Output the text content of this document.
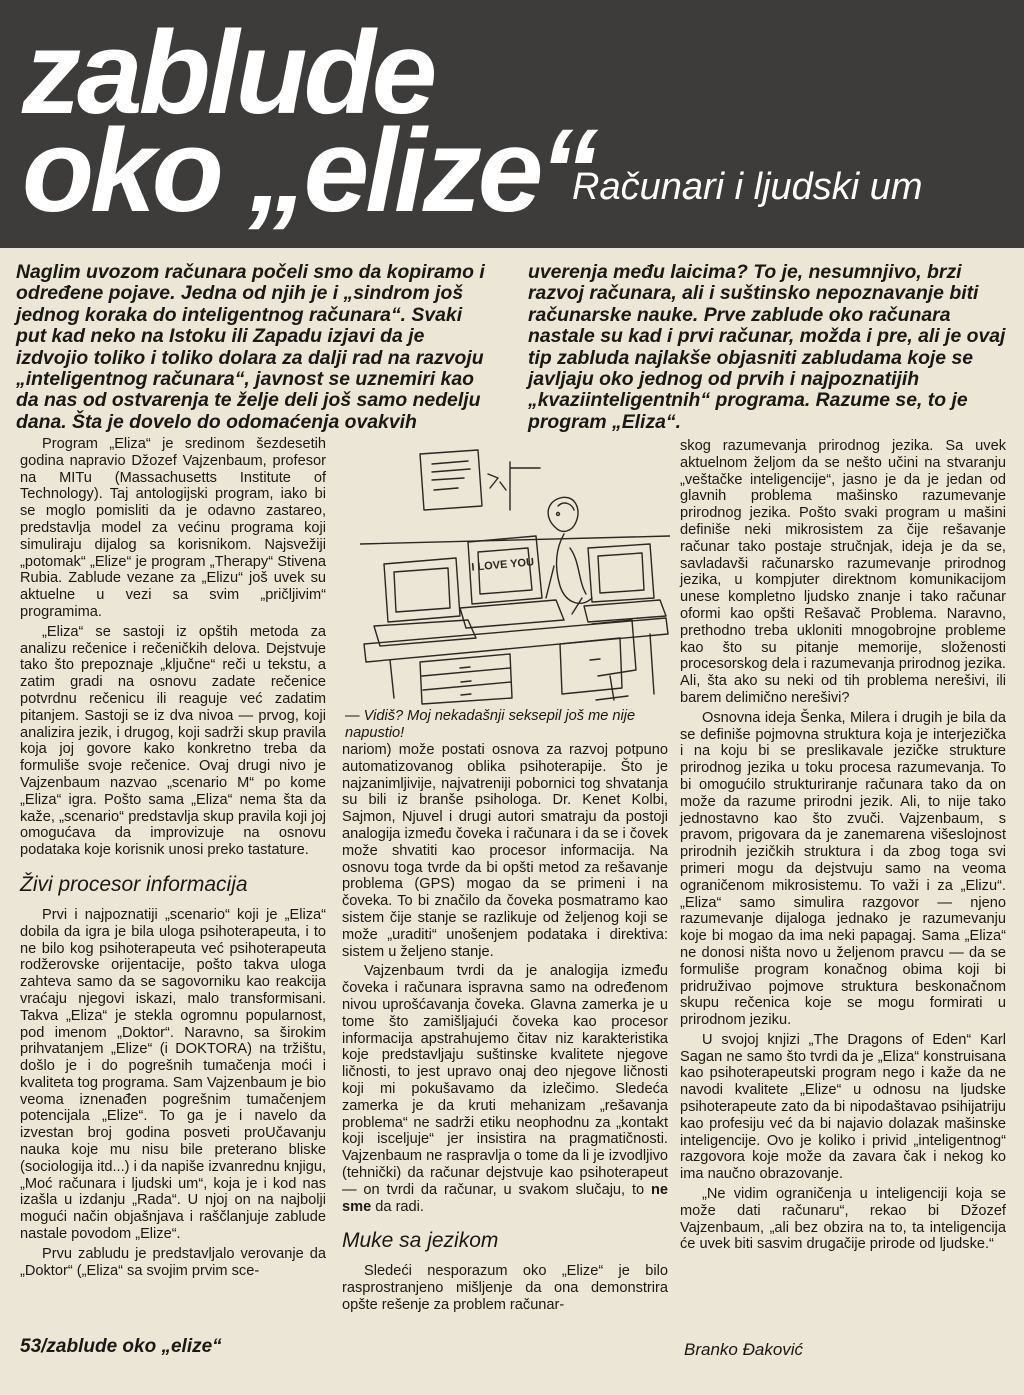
zablude
oko „elize“

Računari i ljudski um

Naglim uvozom računara počeli smo da kopiramo i određene pojave. Jedna od njih je i „sindrom još jednog koraka do inteligentnog računara“. Svaki put kad neko na Istoku ili Zapadu izjavi da je izdvojio toliko i toliko dolara za dalji rad na razvoju „inteligentnog računara“, javnost se uznemiri kao da nas od ostvarenja te želje deli još samo nedelju dana. Šta je dovelo do odomaćenja ovakvih

uverenja među laicima? To je, nesumnjivo, brzi razvoj računara, ali i suštinsko nepoznavanje biti računarske nauke. Prve zablude oko računara nastale su kad i prvi računar, možda i pre, ali je ovaj tip zabluda najlakše objasniti zabludama koje se javljaju oko jednog od prvih i najpoznatijih „kvaziinteligentnih“ programa. Razume se, to je program „Eliza“.

Program „Eliza“ je sredinom šezdesetih godina napravio Džozef Vajzenbaum, profesor na MITu (Massachusetts Institute of Technology). Taj antologijski program, iako bi se moglo pomisliti da je odavno zastareo, predstavlja model za većinu programa koji simuliraju dijalog sa korisnikom. Najsvežiji „potomak“ „Elize“ je program „Therapy“ Stivena Rubia. Zablude vezane za „Elizu“ još uvek su aktuelne u vezi sa svim „pričljivim“ programima.

„Eliza“ se sastoji iz opštih metoda za analizu rečenice i rečeničkih delova. Dejstvuje tako što prepoznaje „ključne“ reči u tekstu, a zatim gradi na osnovu zadate rečenice potvrdnu rečenicu ili reaguje već zadatim pitanjem. Sastoji se iz dva nivoa — prvog, koji analizira jezik, i drugog, koji sadrži skup pravila koja joj govore kako konkretno treba da formuliše svoje rečenice. Ovaj drugi nivo je Vajzenbaum nazvao „scenario M“ po kome „Eliza“ igra. Pošto sama „Eliza“ nema šta da kaže, „scenario“ predstavlja skup pravila koji joj omogućava da improvizuje na osnovu podataka koje korisnik unosi preko tastature.

Živi procesor informacija

Prvi i najpoznatiji „scenario“ koji je „Eliza“ dobila da igra je bila uloga psihoterapeuta, i to ne bilo kog psihoterapeuta već psihoterapeuta rodžerovske orijentacije, pošto takva uloga zahteva samo da se sagovorniku kao reakcija vraćaju njegovi iskazi, malo transformisani. Takva „Eliza“ je stekla ogromnu popularnost, pod imenom „Doktor“. Naravno, sa širokim prihvatanjem „Elize“ (i DOKTORA) na tržištu, došlo je i do pogrešnih tumačenja moći i kvaliteta tog programa. Sam Vajzenbaum je bio veoma iznenađen pogrešnim tumačenjem potencijala „Elize“. To ga je i navelo da izvestan broj godina posveti proUčavanju nauka koje mu nisu bile preterano bliske (sociologija itd...) i da napiše izvanrednu knjigu, „Moć računara i ljudski um“, koja je i kod nas izašla u izdanju „Rada“. U njoj on na najbolji mogući način objašnjava i raščlanjuje zablude nastale povodom „Elize“.

Prvu zabludu je predstavljalo verovanje da „Doktor“ („Eliza“ sa svojim prvim sce-

I LOVE YOU

— Vidiš? Moj nekadašnji seksepil još me nije napustio!

nariom) može postati osnova za razvoj potpuno automatizovanog oblika psihoterapije. Što je najzanimljivije, najvatreniji pobornici tog shvatanja su bili iz branše psihologa. Dr. Kenet Kolbi, Sajmon, Njuvel i drugi autori smatraju da postoji analogija između čoveka i računara i da se i čovek može shvatiti kao procesor informacija. Na osnovu toga tvrde da bi opšti metod za rešavanje problema (GPS) mogao da se primeni i na čoveka. To bi značilo da čoveka posmatramo kao sistem čije stanje se razlikuje od željenog koji se može „uraditi“ unošenjem podataka i direktiva: sistem u željeno stanje.

Vajzenbaum tvrdi da je analogija između čoveka i računara ispravna samo na određenom nivou uprošćavanja čoveka. Glavna zamerka je u tome što zamišljajući čoveka kao procesor informacija apstrahujemo čitav niz karakteristika koje predstavljaju suštinske kvalitete njegove ličnosti, to jest upravo onaj deo njegove ličnosti koji mi pokušavamo da izlečimo. Sledeća zamerka je da kruti mehanizam „rešavanja problema“ ne sadrži etiku neophodnu za „kontakt koji isceljuje“ jer insistira na pragmatičnosti. Vajzenbaum ne raspravlja o tome da li je izvodljivo (tehnički) da računar dejstvuje kao psihoterapeut — on tvrdi da računar, u svakom slučaju, to ne sme da radi.

Muke sa jezikom

Sledeći nesporazum oko „Elize“ je bilo rasprostranjeno mišljenje da ona demonstrira opšte rešenje za problem računar-

skog razumevanja prirodnog jezika. Sa uvek aktuelnom željom da se nešto učini na stvaranju „veštačke inteligencije“, jasno je da je jedan od glavnih problema mašinsko razumevanje prirodnog jezika. Pošto svaki program u mašini definiše neki mikrosistem za čije rešavanje računar tako postaje stručnjak, ideja je da se, savladavši računarsko razumevanje prirodnog jezika, u kompjuter direktnom komunikacijom unese kompletno ljudsko znanje i tako računar oformi kao opšti Rešavač Problema. Naravno, prethodno treba ukloniti mnogobrojne probleme kao što su pitanje memorije, složenosti procesorskog dela i razumevanja prirodnog jezika. Ali, šta ako su neki od tih problema nerešivi, ili barem delimično nerešivi?

Osnovna ideja Šenka, Milera i drugih je bila da se definiše pojmovna struktura koja je interjezička i na koju bi se preslikavale jezičke strukture prirodnog jezika u toku procesa razumevanja. To bi omogućilo strukturiranje računara tako da on može da razume prirodni jezik. Ali, to nije tako jednostavno kao što zvuči. Vajzenbaum, s pravom, prigovara da je zanemarena višeslojnost prirodnih jezičkih struktura i da zbog toga svi primeri mogu da dejstvuju samo na veoma ograničenom mikrosistemu. To važi i za „Elizu“. „Eliza“ samo simulira razgovor — njeno razumevanje dijaloga jednako je razumevanju koje bi mogao da ima neki papagaj. Sama „Eliza“ ne donosi ništa novo u željenom pravcu — da se formuliše program konačnog obima koji bi pridruživao pojmove struktura beskonačnom skupu rečenica koje se mogu formirati u prirodnom jeziku.

U svojoj knjizi „The Dragons of Eden“ Karl Sagan ne samo što tvrdi da je „Eliza“ konstruisana kao psihoterapeutski program nego i kaže da ne navodi kvalitete „Elize“ u odnosu na ljudske psihoterapeute zato da bi nipodaštavao psihijatriju kao profesiju već da bi najavio dolazak mašinske inteligencije. Ovo je koliko i privid „inteligentnog“ razgovora koje može da zavara čak i nekog ko ima naučno obrazovanje.

„Ne vidim ograničenja u inteligenciji koja se može dati računaru“, rekao bi Džozef Vajzenbaum, „ali bez obzira na to, ta inteligencija će uvek biti sasvim drugačije prirode od ljudske.“

53/zablude oko „elize“	Branko Đaković
